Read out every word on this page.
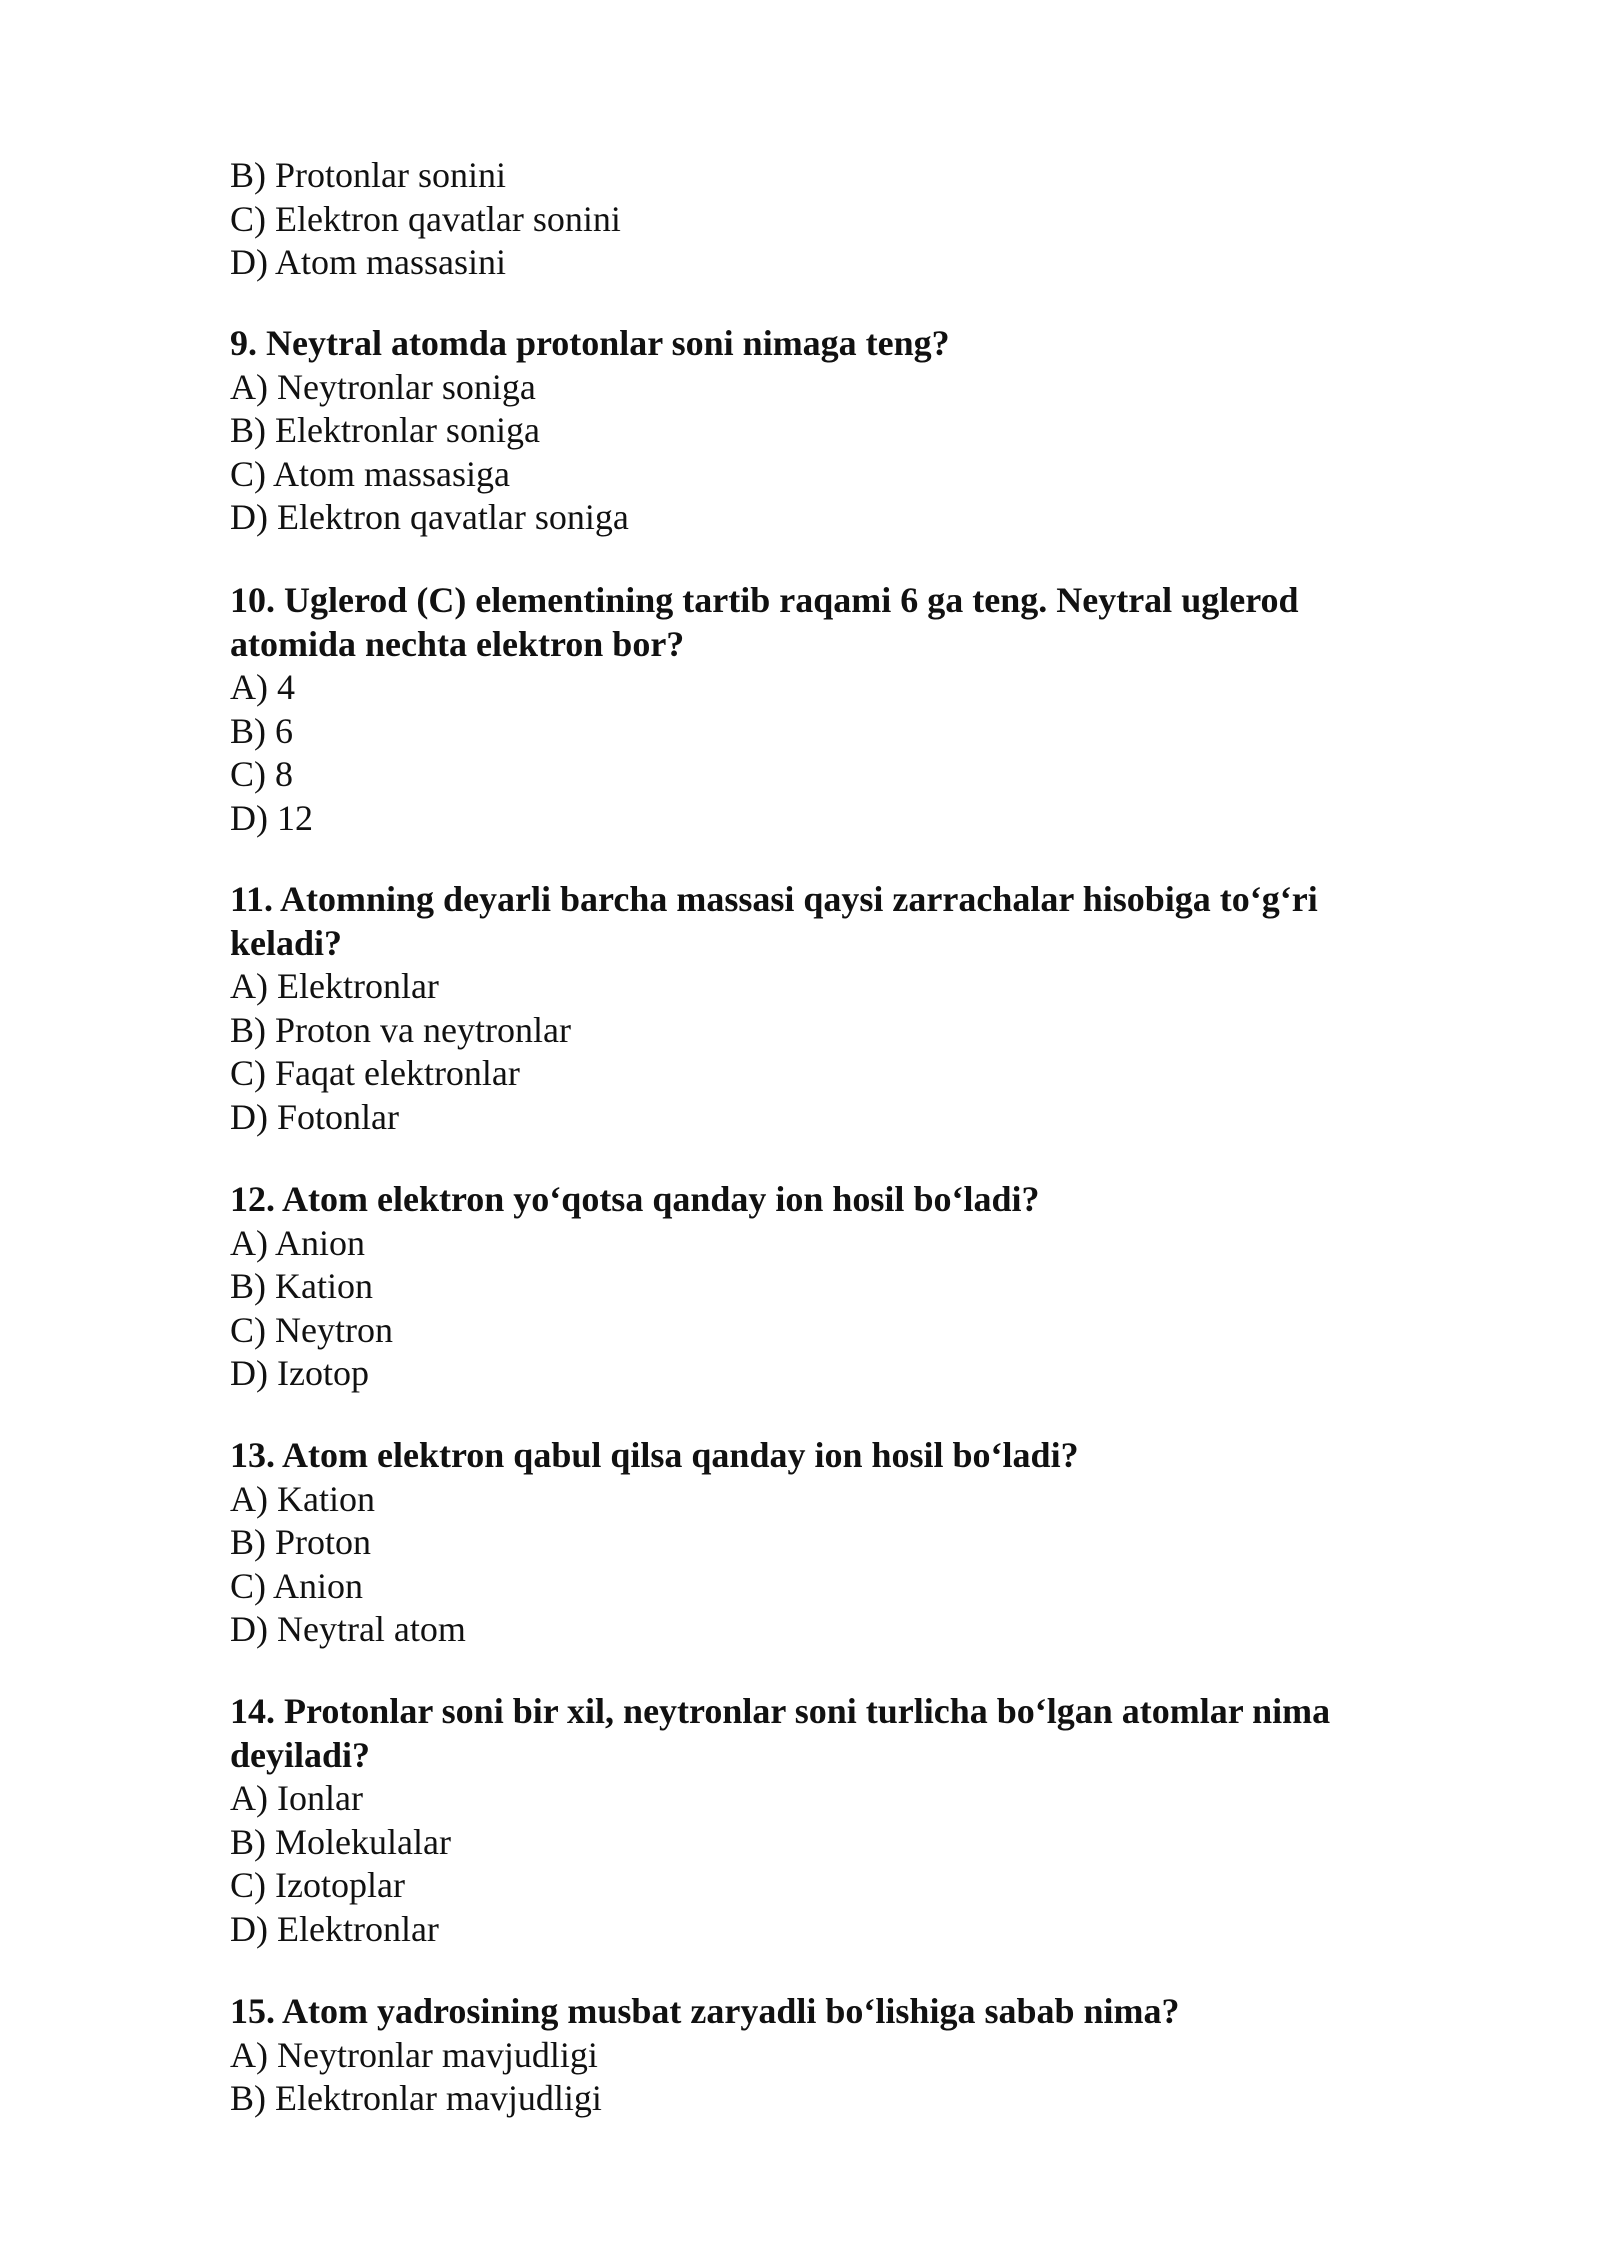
B) Protonlar sonini

C) Elektron qavatlar sonini

D) Atom massasini

9. Neytral atomda protonlar soni nimaga teng?

A) Neytronlar soniga

B) Elektronlar soniga

C) Atom massasiga

D) Elektron qavatlar soniga

10. Uglerod (C) elementining tartib raqami 6 ga teng. Neytral uglerod atomida nechta elektron bor?

A) 4

B) 6

C) 8

D) 12

11. Atomning deyarli barcha massasi qaysi zarrachalar hisobiga to‘g‘ri keladi?

A) Elektronlar

B) Proton va neytronlar

C) Faqat elektronlar

D) Fotonlar

12. Atom elektron yo‘qotsa qanday ion hosil bo‘ladi?

A) Anion

B) Kation

C) Neytron

D) Izotop

13. Atom elektron qabul qilsa qanday ion hosil bo‘ladi?

A) Kation

B) Proton

C) Anion

D) Neytral atom

14. Protonlar soni bir xil, neytronlar soni turlicha bo‘lgan atomlar nima deyiladi?

A) Ionlar

B) Molekulalar

C) Izotoplar

D) Elektronlar

15. Atom yadrosining musbat zaryadli bo‘lishiga sabab nima?

A) Neytronlar mavjudligi

B) Elektronlar mavjudligi
